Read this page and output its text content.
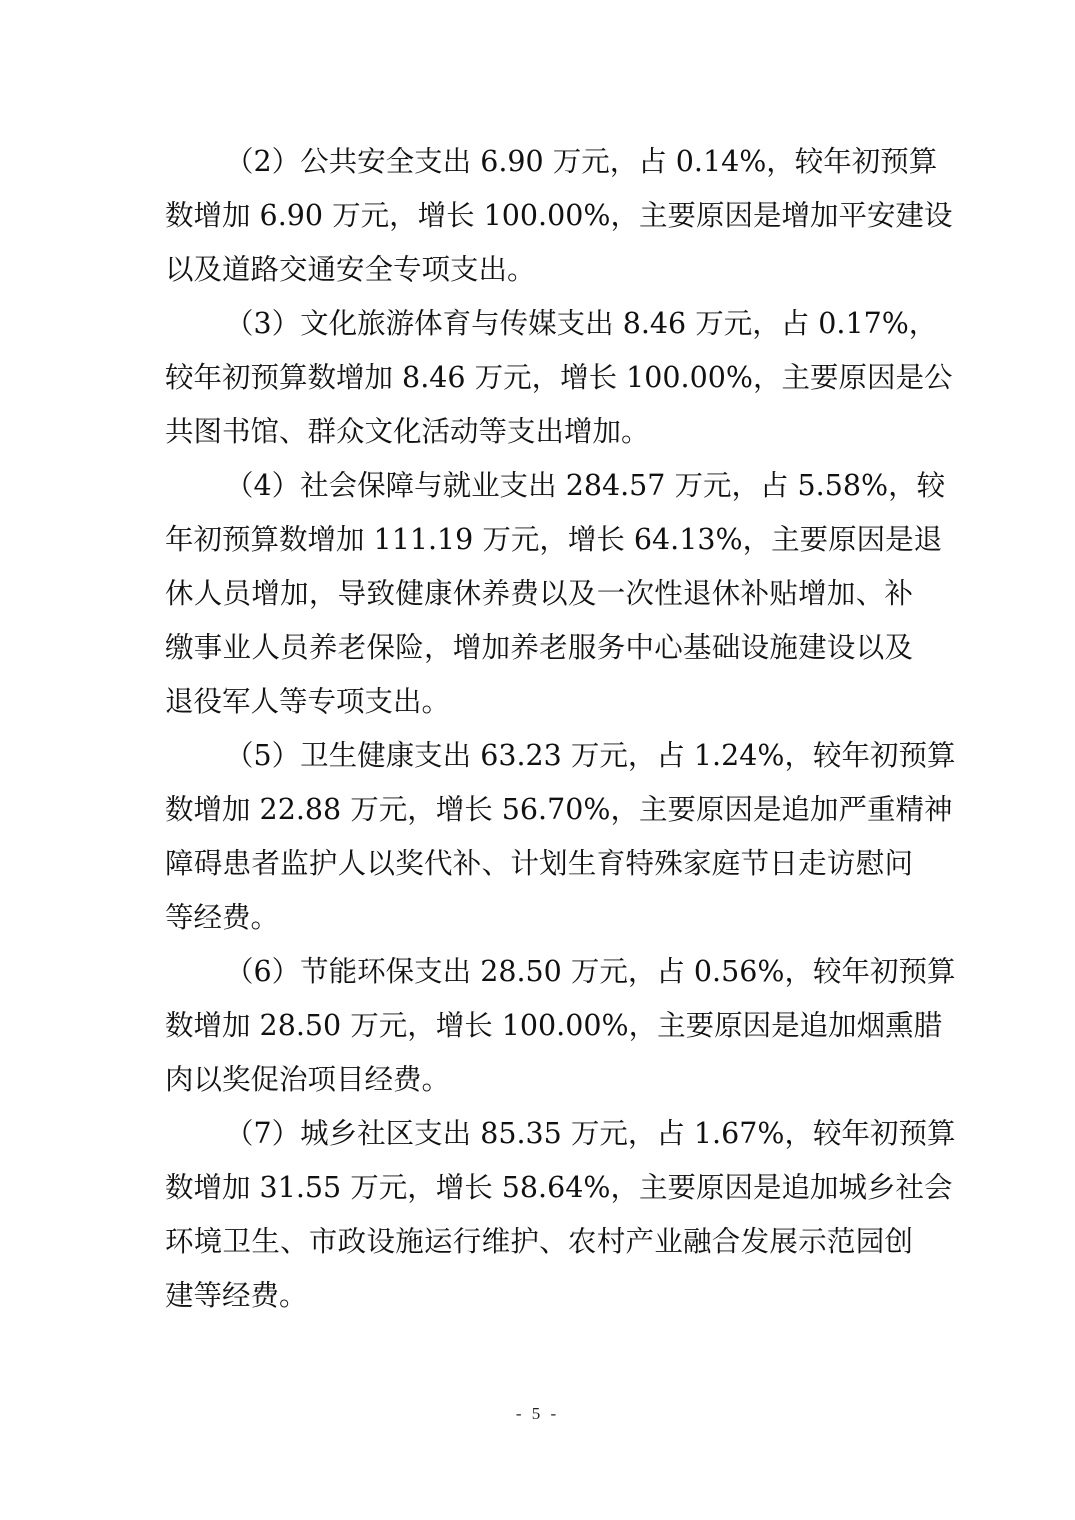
（2）公共安全支出 6.90 万元，占 0.14%，较年初预算
数增加 6.90 万元，增长 100.00%，主要原因是增加平安建设
以及道路交通安全专项支出。
（3）文化旅游体育与传媒支出 8.46 万元，占 0.17%，
较年初预算数增加 8.46 万元，增长 100.00%，主要原因是公
共图书馆、群众文化活动等支出增加。
（4）社会保障与就业支出 284.57 万元，占 5.58%，较
年初预算数增加 111.19 万元，增长 64.13%，主要原因是退
休人员增加，导致健康休养费以及一次性退休补贴增加、补
缴事业人员养老保险，增加养老服务中心基础设施建设以及
退役军人等专项支出。
（5）卫生健康支出 63.23 万元，占 1.24%，较年初预算
数增加 22.88 万元，增长 56.70%，主要原因是追加严重精神
障碍患者监护人以奖代补、计划生育特殊家庭节日走访慰问
等经费。
（6）节能环保支出 28.50 万元，占 0.56%，较年初预算
数增加 28.50 万元，增长 100.00%，主要原因是追加烟熏腊
肉以奖促治项目经费。
（7）城乡社区支出 85.35 万元，占 1.67%，较年初预算
数增加 31.55 万元，增长 58.64%，主要原因是追加城乡社会
环境卫生、市政设施运行维护、农村产业融合发展示范园创
建等经费。
- 5 -
